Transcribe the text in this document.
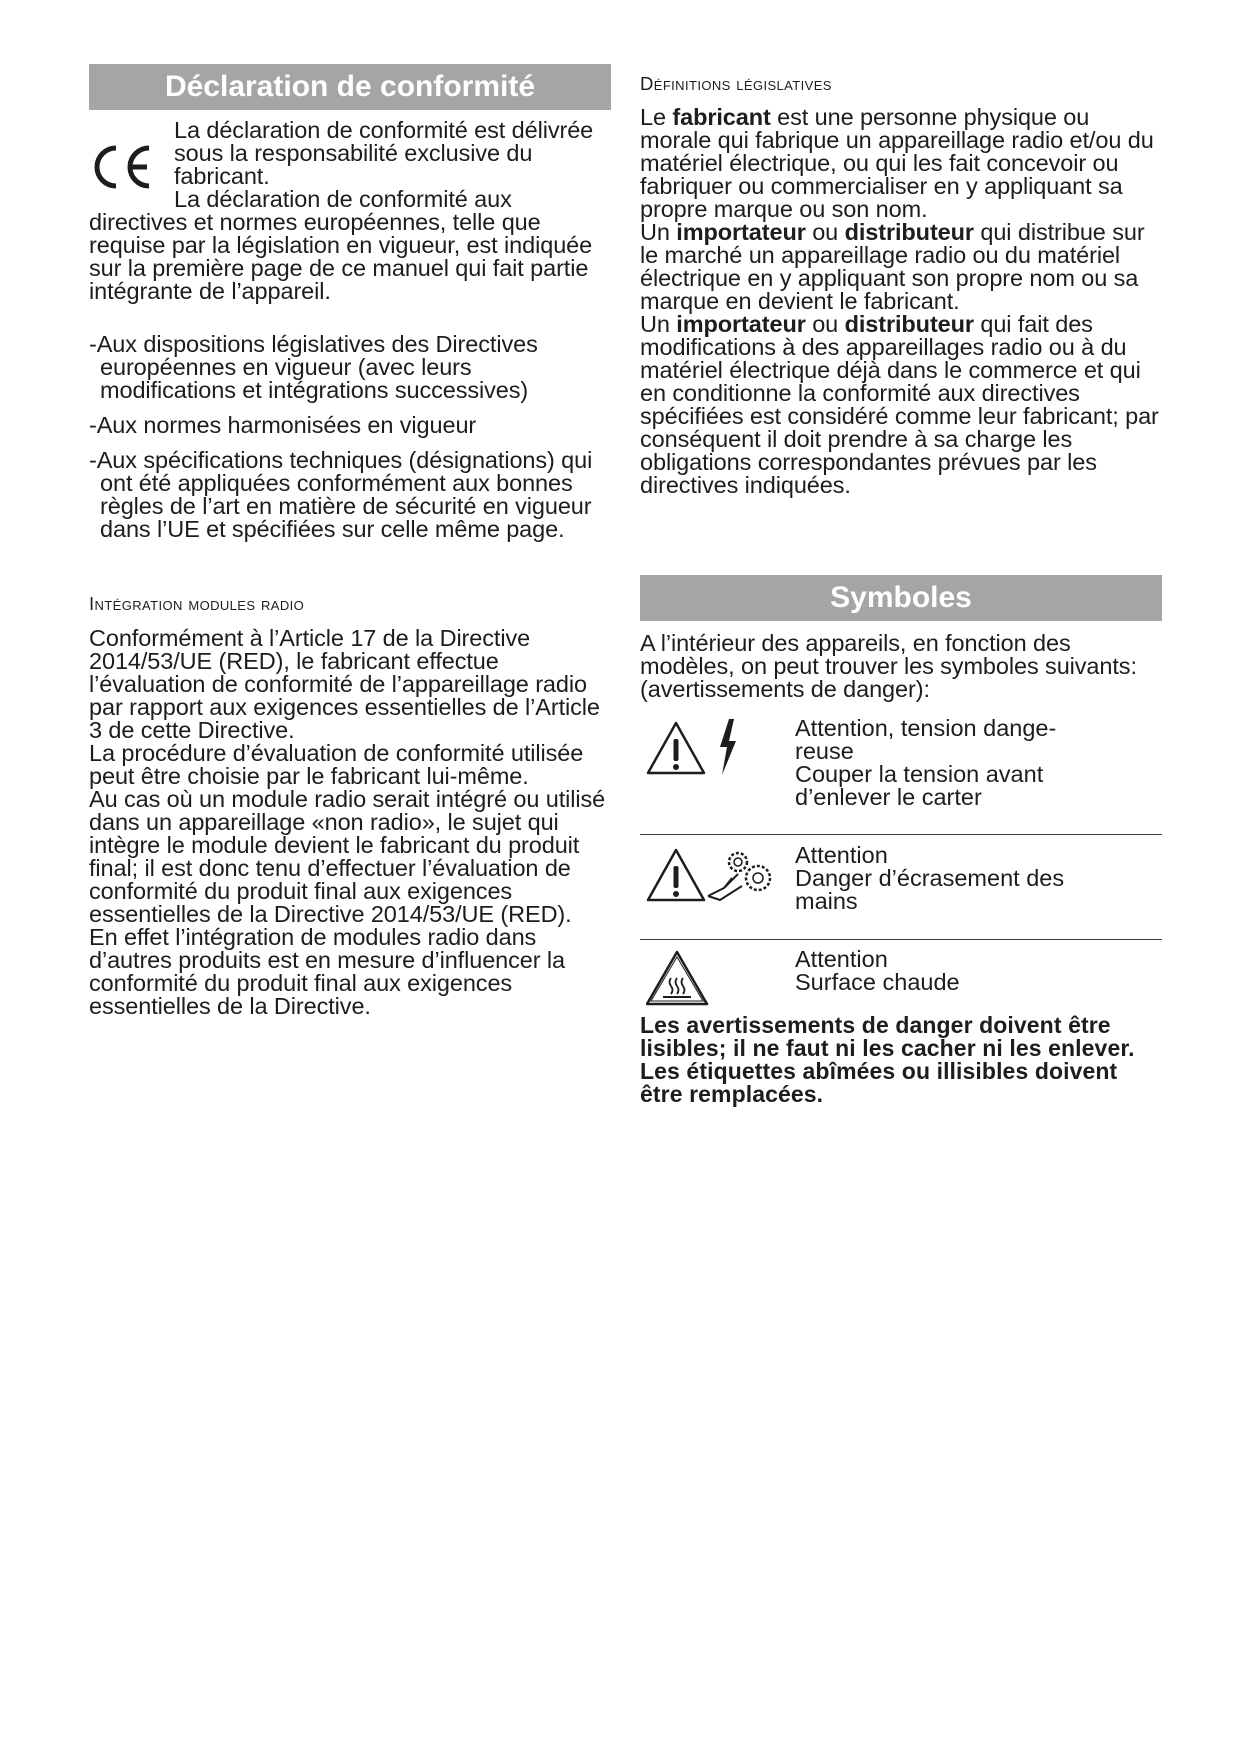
Déclaration de conformité

La déclaration de conformité est délivrée sous la responsabilité exclusive du fabricant.

La déclaration de conformité aux directives et normes européennes, telle que requise par la législation en vigueur, est indiquée sur la première page de ce manuel qui fait partie intégrante de l’appareil.

-Aux dispositions législatives des Directives européennes en vigueur (avec leurs modifications et intégrations successives)

-Aux normes harmonisées en vigueur

-Aux spécifications techniques (désignations) qui ont été appliquées conformément aux bonnes règles de l’art en matière de sécurité en vigueur dans l’UE et spécifiées sur celle même page.

Intégration modules radio

Conformément à l’Article 17 de la Directive 2014/53/UE (RED), le fabricant effectue l’évaluation de conformité de l’appareillage radio par rapport aux exigences essentielles de l’Article 3 de cette Directive.

La procédure d’évaluation de conformité utilisée peut être choisie par le fabricant lui-même.

Au cas où un module radio serait intégré ou utilisé dans un appareillage «non radio», le sujet qui intègre le module devient le fabricant du produit final; il est donc tenu d’effectuer l’évaluation de conformité du produit final aux exigences essentielles de la Directive 2014/53/UE (RED).

En effet l’intégration de modules radio dans d’autres produits est en mesure d’influencer la conformité du produit final aux exigences essentielles de la Directive.

Définitions législatives

Le fabricant est une personne physique ou morale qui fabrique un appareillage radio et/ou du matériel électrique, ou qui les fait concevoir ou fabriquer ou commercialiser en y appliquant sa propre marque ou son nom.

Un importateur ou distributeur qui distribue sur le marché un appareillage radio ou du matériel électrique en y appliquant son propre nom ou sa marque en devient le fabricant.

Un importateur ou distributeur qui fait des modifications à des appareillages radio ou à du matériel électrique déjà dans le commerce et qui en conditionne la conformité aux directives spécifiées est considéré comme leur fabricant; par conséquent il doit prendre à sa charge les obligations correspondantes prévues par les directives indiquées.

Symboles
A l’intérieur des appareils, en fonction des modèles, on peut trouver les symboles suivants: (avertissements de danger):
Attention, tension dange-
reuse
Couper la tension avant
d’enlever le carter
Attention
Danger d’écrasement des
mains
Attention
Surface chaude
Les avertissements de danger doivent être lisibles; il ne faut ni les cacher ni les enlever. Les étiquettes abîmées ou illisibles doivent être remplacées.
